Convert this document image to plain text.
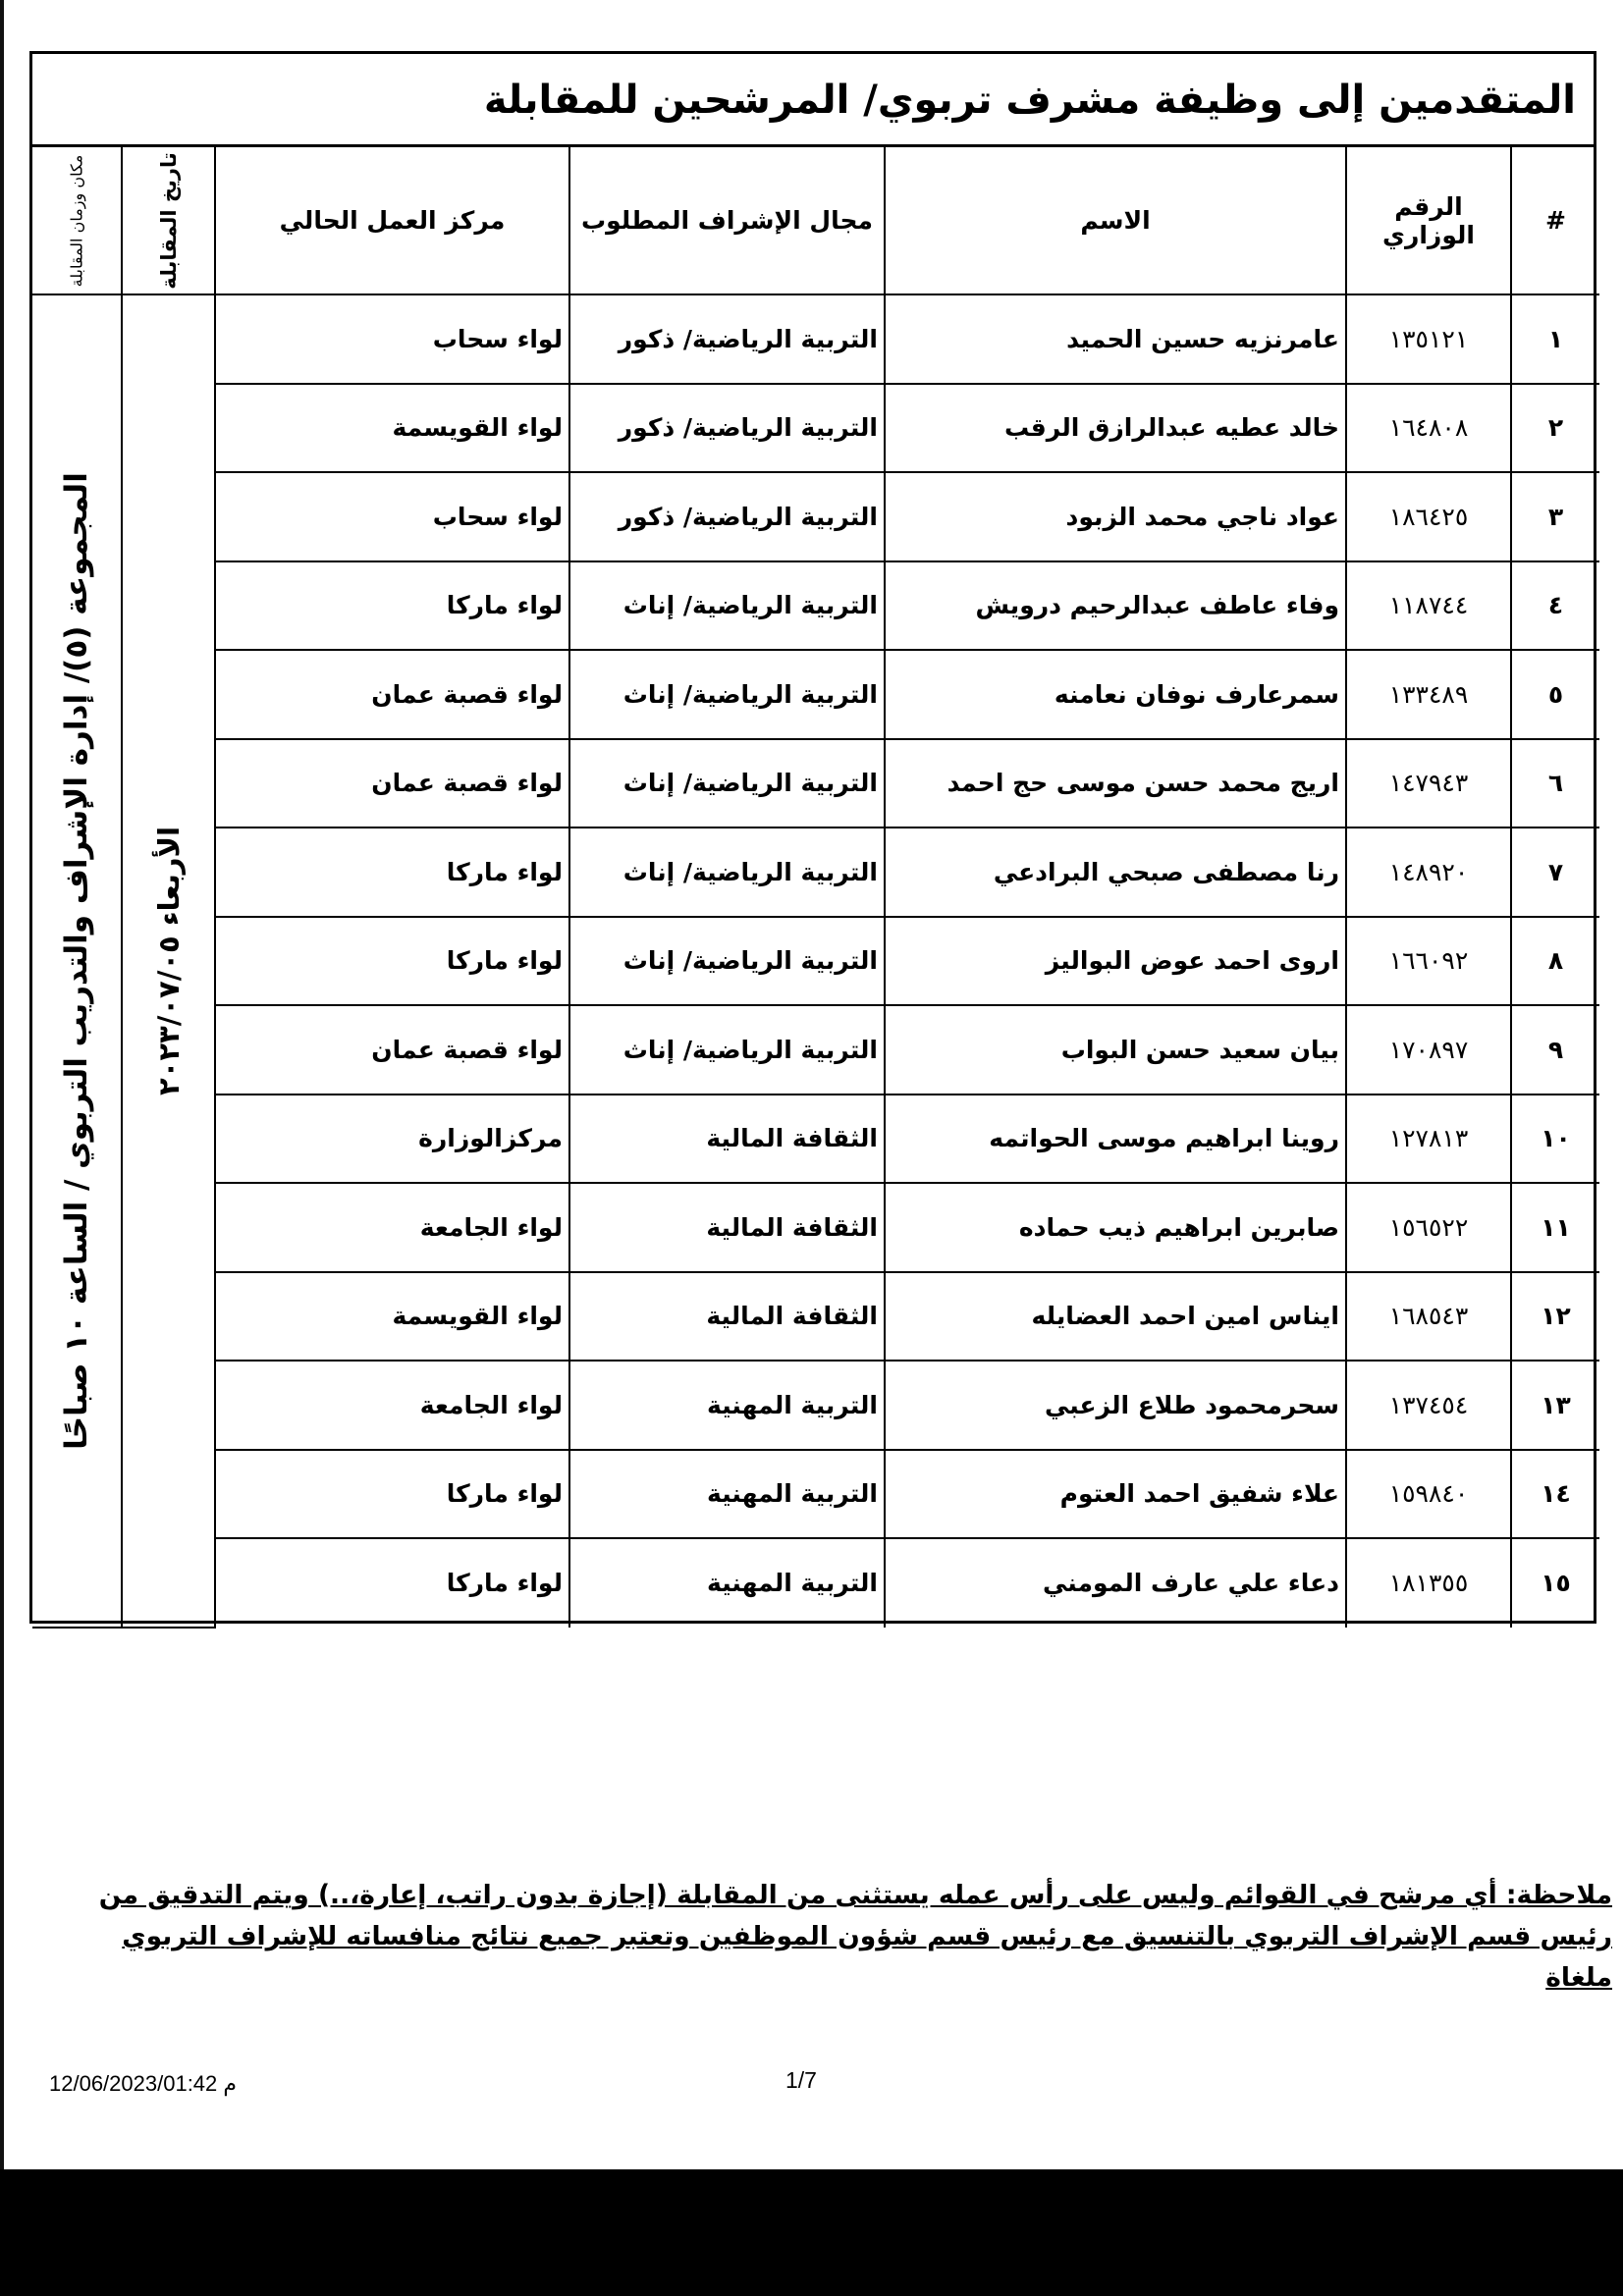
المتقدمين إلى وظيفة مشرف تربوي/ المرشحين للمقابلة
#	الرقم الوزاري	الاسم	مجال الإشراف المطلوب	مركز العمل الحالي	تاريخ المقابلة	مكان وزمان المقابلة

١	١٣٥١٢١	عامرنزيه حسين الحميد	التربية الرياضية/ ذكور	لواء سحاب	الأربعاء ٢٠٢٣/٠٧/٠٥	المجموعة (٥)/ إدارة الإشراف والتدريب التربوي / الساعة ١٠ صباحًا

٢	١٦٤٨٠٨	خالد عطيه عبدالرازق الرقب	التربية الرياضية/ ذكور	لواء القويسمة		
٣	١٨٦٤٢٥	عواد ناجي محمد الزبود	التربية الرياضية/ ذكور	لواء سحاب		
٤	١١٨٧٤٤	وفاء عاطف عبدالرحيم درويش	التربية الرياضية/ إناث	لواء ماركا		
٥	١٣٣٤٨٩	سمرعارف نوفان نعامنه	التربية الرياضية/ إناث	لواء قصبة عمان		
٦	١٤٧٩٤٣	اريج محمد حسن موسى حج احمد	التربية الرياضية/ إناث	لواء قصبة عمان		
٧	١٤٨٩٢٠	رنا مصطفى صبحي البرادعي	التربية الرياضية/ إناث	لواء ماركا		
٨	١٦٦٠٩٢	اروى احمد عوض البواليز	التربية الرياضية/ إناث	لواء ماركا		
٩	١٧٠٨٩٧	بيان سعيد حسن البواب	التربية الرياضية/ إناث	لواء قصبة عمان		
١٠	١٢٧٨١٣	روينا ابراهيم موسى الحواتمه	الثقافة المالية	مركزالوزارة		
١١	١٥٦٥٢٢	صابرين ابراهيم ذيب حماده	الثقافة المالية	لواء الجامعة		
١٢	١٦٨٥٤٣	ايناس امين احمد العضايله	الثقافة المالية	لواء القويسمة		
١٣	١٣٧٤٥٤	سحرمحمود طلاع الزعبي	التربية المهنية	لواء الجامعة		
١٤	١٥٩٨٤٠	علاء شفيق احمد العتوم	التربية المهنية	لواء ماركا		
١٥	١٨١٣٥٥	دعاء علي عارف المومني	التربية المهنية	لواء ماركا		
ملاحظة: أي مرشح في القوائم وليس على رأس عمله يستثنى من المقابلة (إجازة بدون راتب، إعارة،..) ويتم التدقيق من رئيس قسم الإشراف التربوي بالتنسيق مع رئيس قسم شؤون الموظفين وتعتبر جميع نتائج منافساته للإشراف التربوي ملغاة
12/06/2023/01:42 م	1/7
